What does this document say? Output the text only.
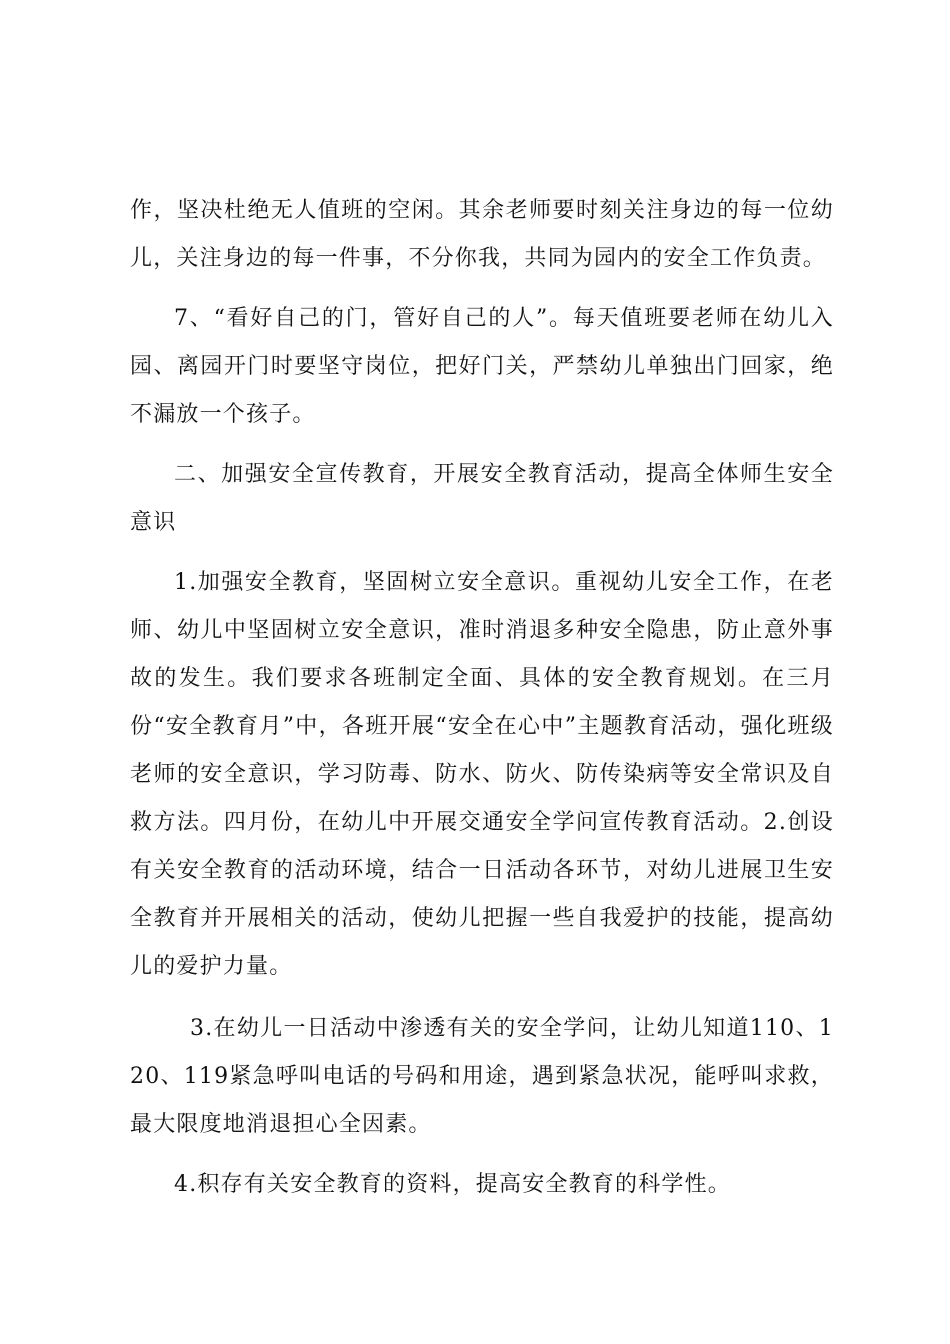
作，坚决杜绝无人值班的空闲。其余老师要时刻关注身边的每一位幼儿，关注身边的每一件事，不分你我，共同为园内的安全工作负责。

7、“看好自己的门，管好自己的人”。每天值班要老师在幼儿入园、离园开门时要坚守岗位，把好门关，严禁幼儿单独出门回家，绝不漏放一个孩子。

二、加强安全宣传教育，开展安全教育活动，提高全体师生安全意识

1.加强安全教育，坚固树立安全意识。重视幼儿安全工作，在老师、幼儿中坚固树立安全意识，准时消退多种安全隐患，防止意外事故的发生。我们要求各班制定全面、具体的安全教育规划。在三月份“安全教育月”中，各班开展“安全在心中”主题教育活动，强化班级老师的安全意识，学习防毒、防水、防火、防传染病等安全常识及自救方法。四月份，在幼儿中开展交通安全学问宣传教育活动。2.创设有关安全教育的活动环境，结合一日活动各环节，对幼儿进展卫生安全教育并开展相关的活动，使幼儿把握一些自我爱护的技能，提高幼儿的爱护力量。

3.在幼儿一日活动中渗透有关的安全学问，让幼儿知道110、120、119紧急呼叫电话的号码和用途，遇到紧急状况，能呼叫求救，最大限度地消退担心全因素。

4.积存有关安全教育的资料，提高安全教育的科学性。
